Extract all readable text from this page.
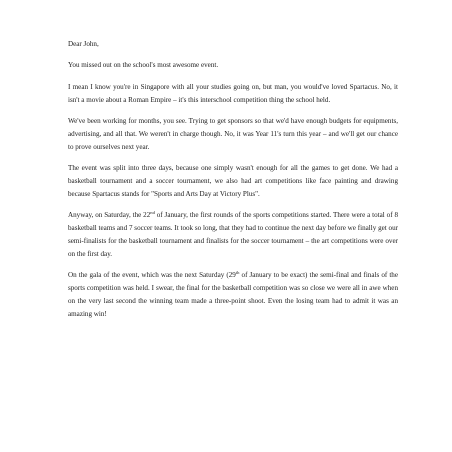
Dear John,

You missed out on the school's most awesome event.

I mean I know you're in Singapore with all your studies going on, but man, you would've loved Spartacus. No, it isn't a movie about a Roman Empire – it's this interschool competition thing the school held.

We've been working for months, you see. Trying to get sponsors so that we'd have enough budgets for equipments, advertising, and all that. We weren't in charge though. No, it was Year 11's turn this year – and we'll get our chance to prove ourselves next year.

The event was split into three days, because one simply wasn't enough for all the games to get done. We had a basketball tournament and a soccer tournament, we also had art competitions like face painting and drawing because Spartacus stands for "Sports and Arts Day at Victory Plus".

Anyway, on Saturday, the 22nd of January, the first rounds of the sports competitions started. There were a total of 8 basketball teams and 7 soccer teams. It took so long, that they had to continue the next day before we finally get our semi-finalists for the basketball tournament and finalists for the soccer tournament – the art competitions were over on the first day.

On the gala of the event, which was the next Saturday (29th of January to be exact) the semi-final and finals of the sports competition was held. I swear, the final for the basketball competition was so close we were all in awe when on the very last second the winning team made a three-point shoot. Even the losing team had to admit it was an amazing win!
